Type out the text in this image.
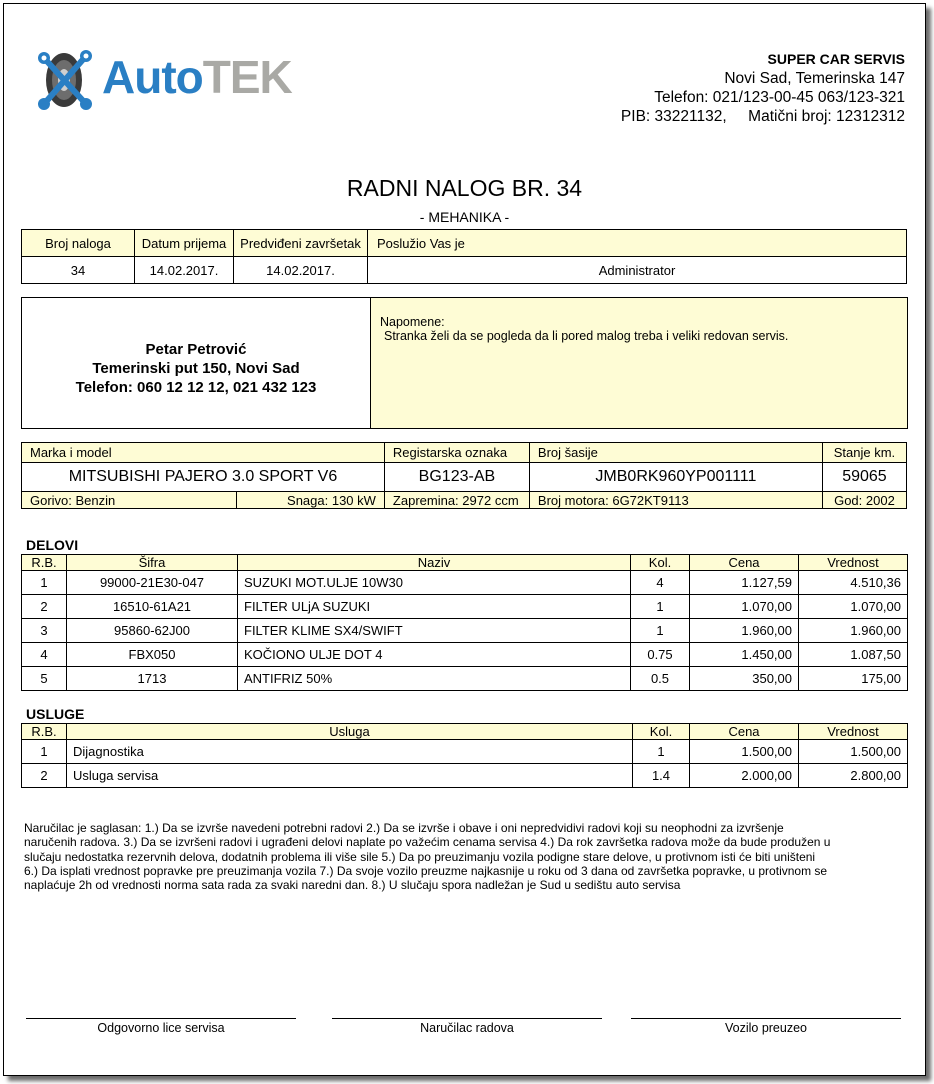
AutoTEK	SUPER CAR SERVIS
Novi Sad, Temerinska 147
Telefon: 021/123-00-45 063/123-321
PIB: 33221132,     Matični broj: 12312312
RADNI NALOG BR. 34
- MEHANIKA -
Broj naloga	Datum prijema	Predviđeni završetak	Poslužio Vas je
34	14.02.2017.	14.02.2017.	Administrator
Petar Petrović
Temerinski put 150, Novi Sad
Telefon: 060 12 12 12, 021 432 123
Napomene:
Stranka želi da se pogleda da li pored malog treba i veliki redovan servis.
Marka i model		Registarska oznaka	Broj šasije	Stanje km.
MITSUBISHI PAJERO 3.0 SPORT V6		BG123-AB	JMB0RK960YP001111	59065
Gorivo: Benzin	Snaga: 130 kW	Zapremina: 2972 ccm	Broj motora: 6G72KT9113	God: 2002
DELOVI
R.B.	Šifra	Naziv	Kol.	Cena	Vrednost
1	99000-21E30-047	SUZUKI MOT.ULJE 10W30	4	1.127,59	4.510,36
2	16510-61A21	FILTER ULjA SUZUKI	1	1.070,00	1.070,00
3	95860-62J00	FILTER KLIME SX4/SWIFT	1	1.960,00	1.960,00
4	FBX050	KOČIONO ULJE DOT 4	0.75	1.450,00	1.087,50
5	1713	ANTIFRIZ 50%	0.5	350,00	175,00
USLUGE
R.B.	Usluga	Kol.	Cena	Vrednost
1	Dijagnostika	1	1.500,00	1.500,00
2	Usluga servisa	1.4	2.000,00	2.800,00
Naručilac je saglasan: 1.) Da se izvrše navedeni potrebni radovi 2.) Da se izvrše i obave i oni nepredvidivi radovi koji su neophodni za izvršenje
naručenih radova. 3.) Da se izvršeni radovi i ugrađeni delovi naplate po važećim cenama servisa 4.) Da rok završetka radova može da bude produžen u
slučaju nedostatka rezervnih delova, dodatnih problema ili više sile 5.) Da po preuzimanju vozila podigne stare delove, u protivnom isti će biti uništeni
6.) Da isplati vrednost popravke pre preuzimanja vozila 7.) Da svoje vozilo preuzme najkasnije u roku od 3 dana od završetka popravke, u protivnom se
naplaćuje 2h od vrednosti norma sata rada za svaki naredni dan. 8.) U slučaju spora nadležan je Sud u sedištu auto servisa
Odgovorno lice servisa	Naručilac radova	Vozilo preuzeo
